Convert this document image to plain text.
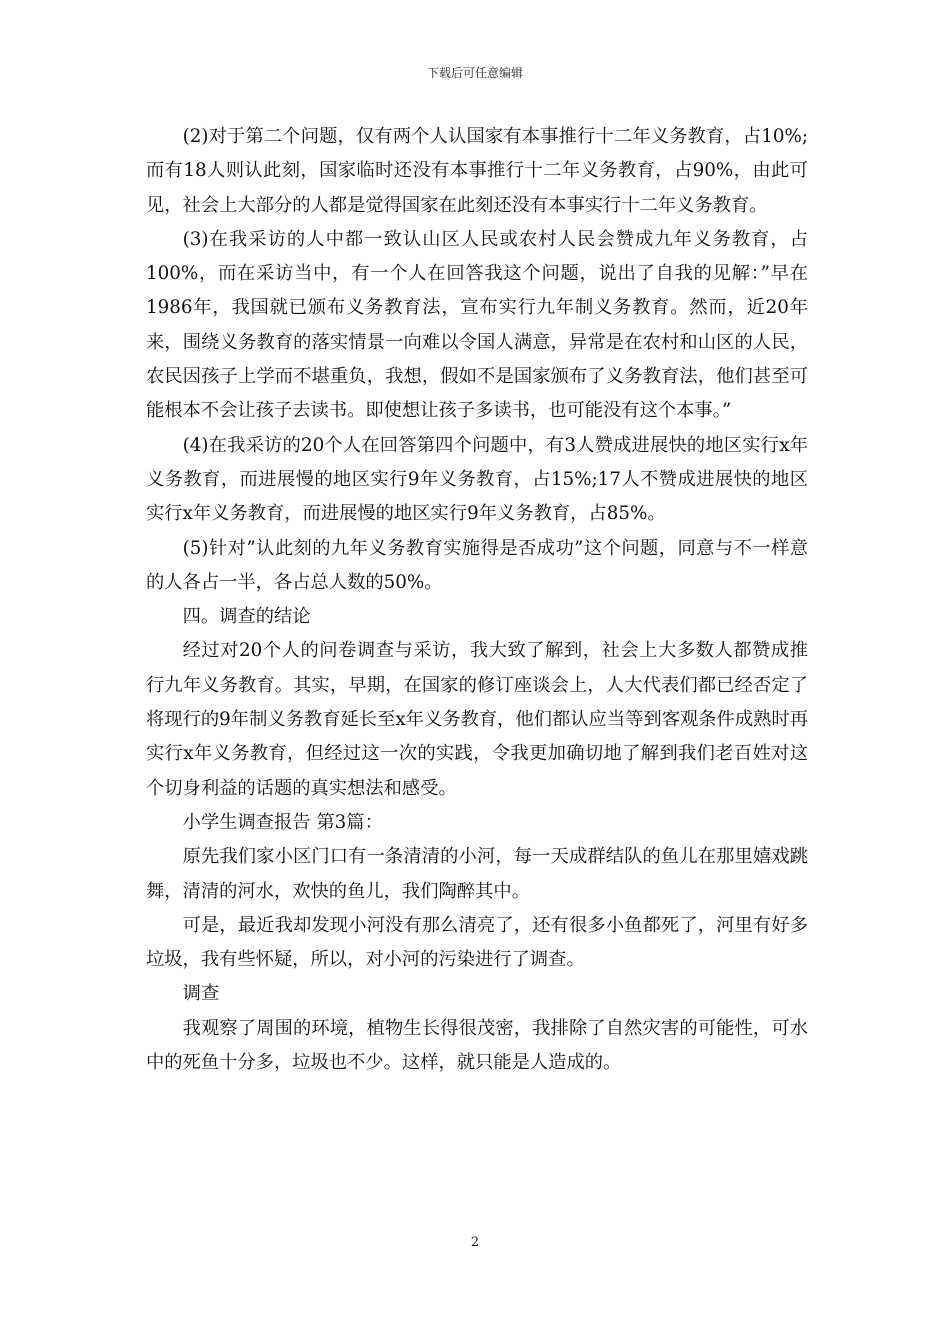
下载后可任意编辑

(2)对于第二个问题，仅有两个人认国家有本事推行十二年义务教育，占10%;而有18人则认此刻，国家临时还没有本事推行十二年义务教育，占90%，由此可见，社会上大部分的人都是觉得国家在此刻还没有本事实行十二年义务教育。

(3)在我采访的人中都一致认山区人民或农村人民会赞成九年义务教育，占100%，而在采访当中，有一个人在回答我这个问题，说出了自我的见解：”早在1986年，我国就已颁布义务教育法，宣布实行九年制义务教育。然而，近20年来，围绕义务教育的落实情景一向难以令国人满意，异常是在农村和山区的人民，农民因孩子上学而不堪重负，我想，假如不是国家颁布了义务教育法，他们甚至可能根本不会让孩子去读书。即使想让孩子多读书，也可能没有这个本事。”

(4)在我采访的20个人在回答第四个问题中，有3人赞成进展快的地区实行x年义务教育，而进展慢的地区实行9年义务教育，占15%;17人不赞成进展快的地区实行x年义务教育，而进展慢的地区实行9年义务教育，占85%。

(5)针对”认此刻的九年义务教育实施得是否成功”这个问题，同意与不一样意的人各占一半，各占总人数的50%。

四。调查的结论

经过对20个人的问卷调查与采访，我大致了解到，社会上大多数人都赞成推行九年义务教育。其实，早期，在国家的修订座谈会上，人大代表们都已经否定了将现行的9年制义务教育延长至x年义务教育，他们都认应当等到客观条件成熟时再实行x年义务教育，但经过这一次的实践，令我更加确切地了解到我们老百姓对这个切身利益的话题的真实想法和感受。

小学生调查报告 第3篇：

原先我们家小区门口有一条清清的小河，每一天成群结队的鱼儿在那里嬉戏跳舞，清清的河水，欢快的鱼儿，我们陶醉其中。

可是，最近我却发现小河没有那么清亮了，还有很多小鱼都死了，河里有好多垃圾，我有些怀疑，所以，对小河的污染进行了调查。

调查

我观察了周围的环境，植物生长得很茂密，我排除了自然灾害的可能性，可水中的死鱼十分多，垃圾也不少。这样，就只能是人造成的。

2
